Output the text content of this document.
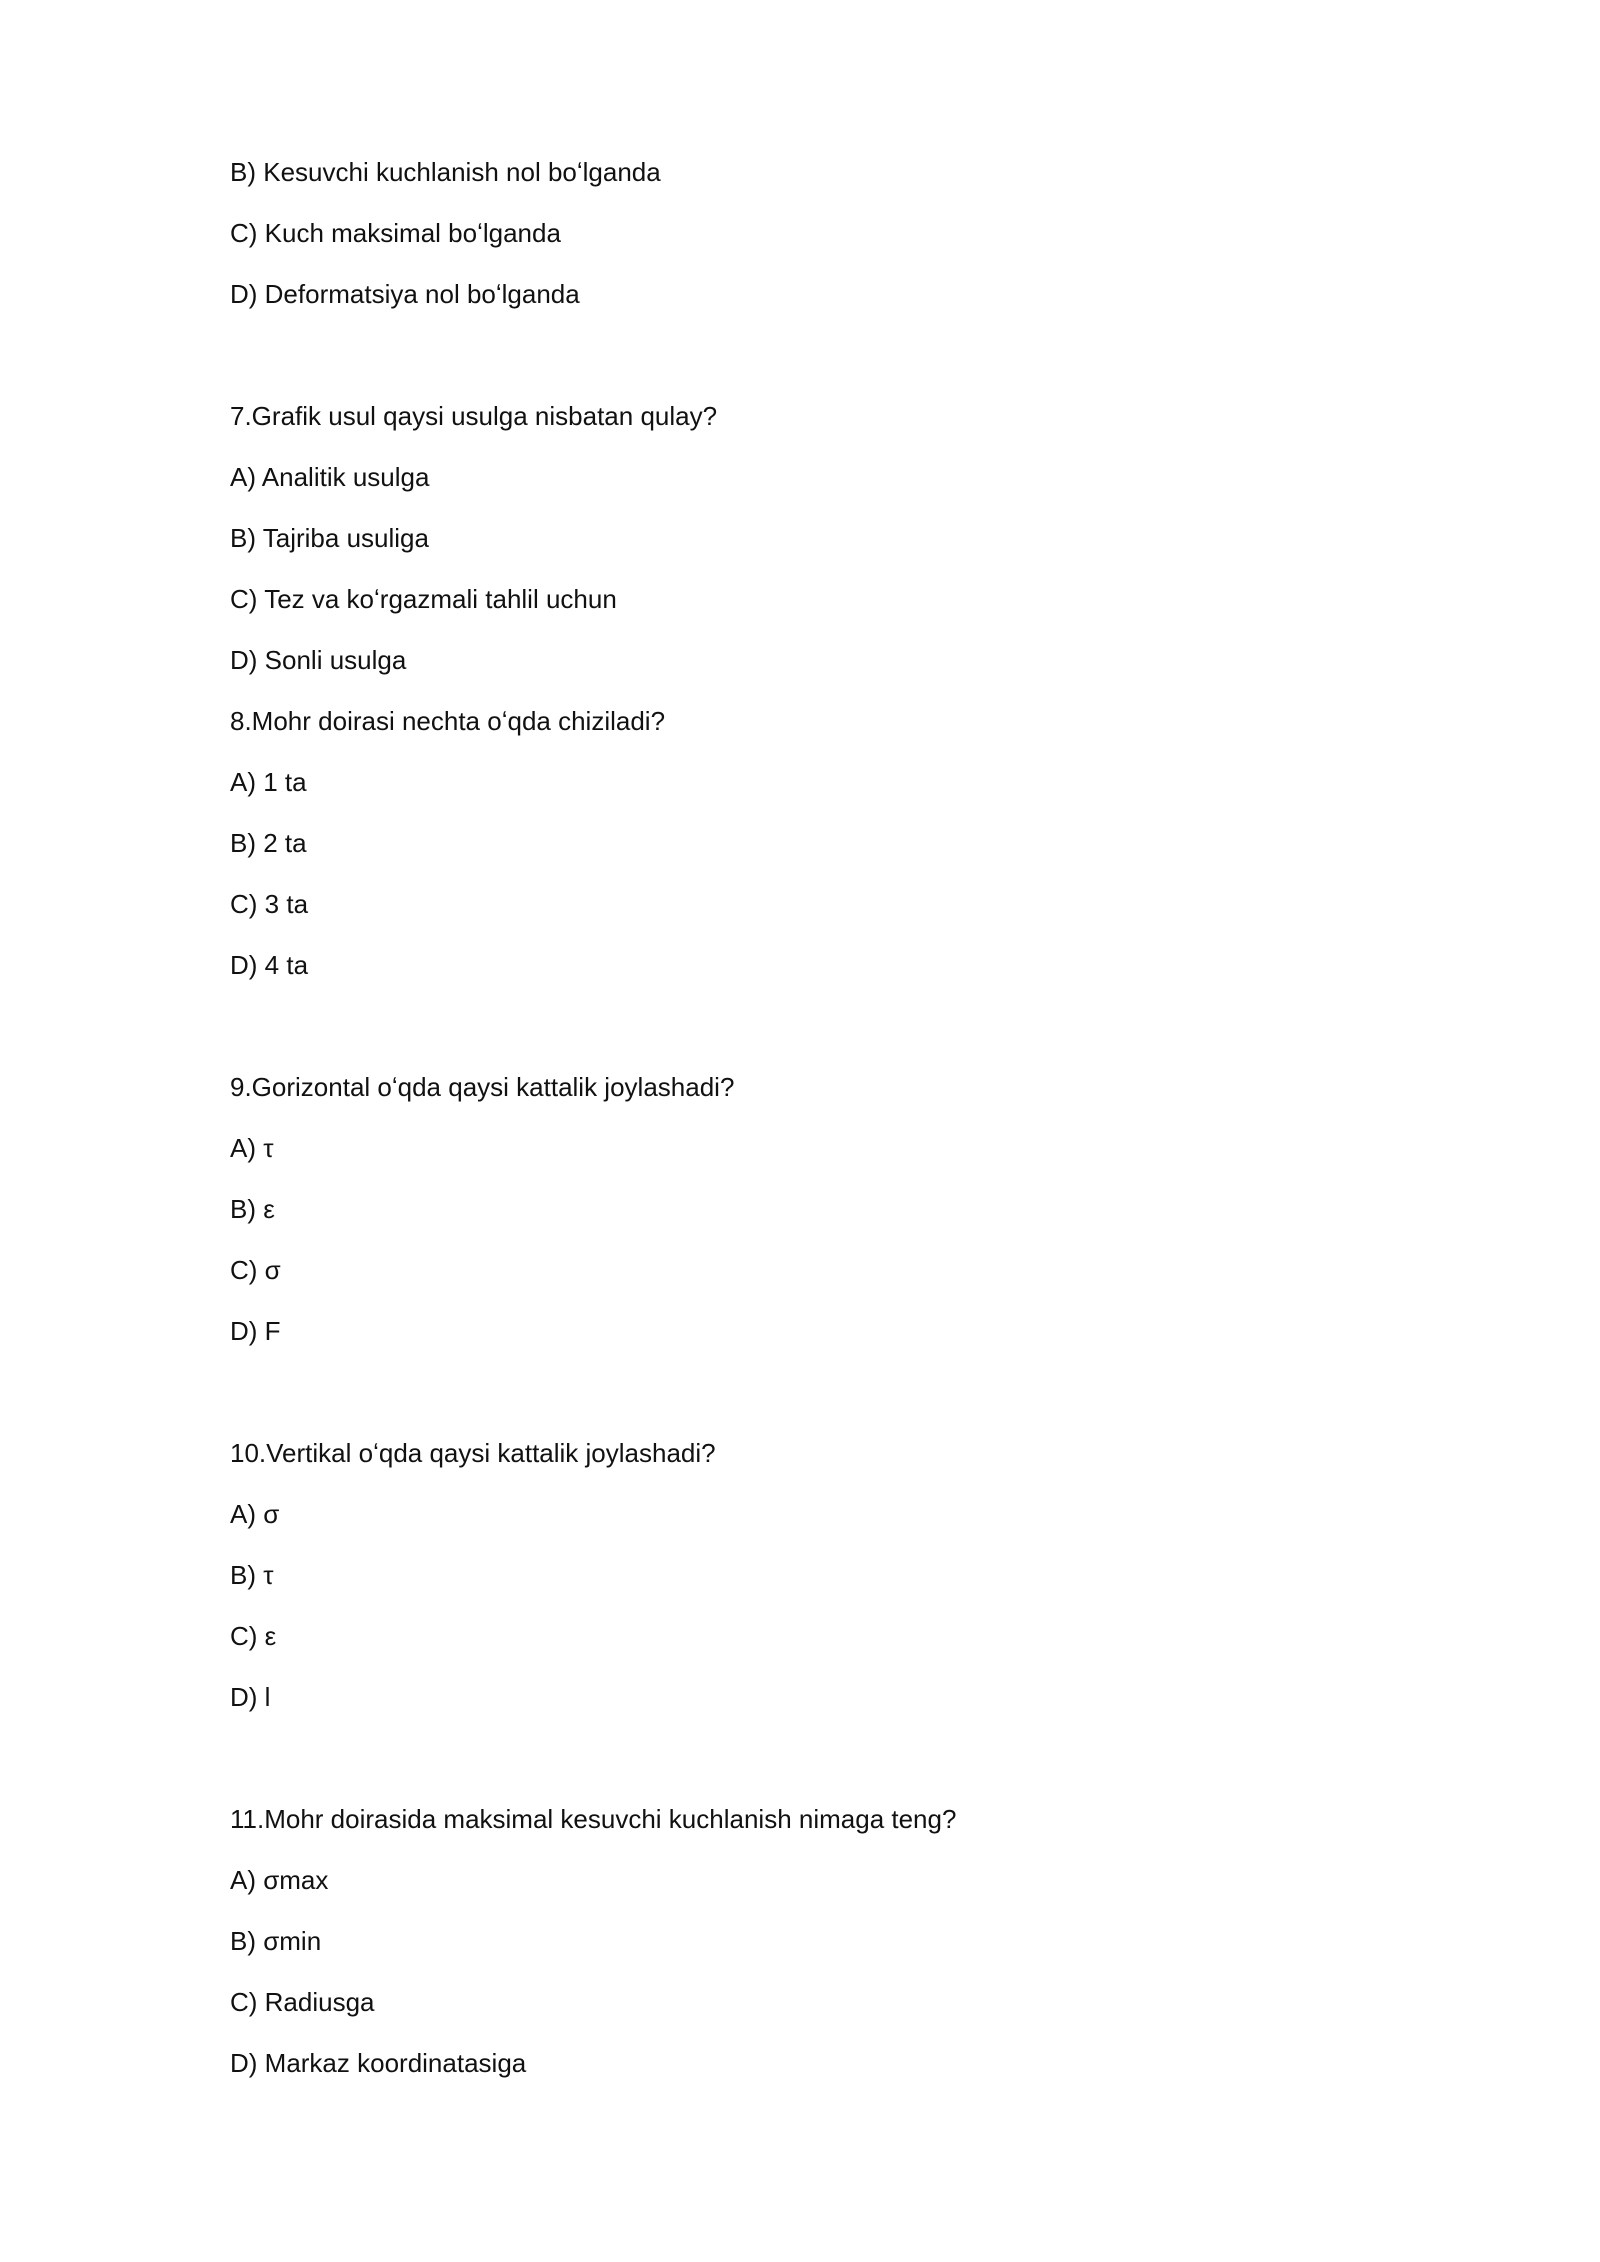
B) Kesuvchi kuchlanish nol boʻlganda
C) Kuch maksimal boʻlganda
D) Deformatsiya nol boʻlganda
7.Grafik usul qaysi usulga nisbatan qulay?
A) Analitik usulga
B) Tajriba usuliga
C) Tez va koʻrgazmali tahlil uchun
D) Sonli usulga
8.Mohr doirasi nechta oʻqda chiziladi?
A) 1 ta
B) 2 ta
C) 3 ta
D) 4 ta
9.Gorizontal oʻqda qaysi kattalik joylashadi?
A) τ
B) ε
C) σ
D) F
10.Vertikal oʻqda qaysi kattalik joylashadi?
A) σ
B) τ
C) ε
D) l
11.Mohr doirasida maksimal kesuvchi kuchlanish nimaga teng?
A) σmax
B) σmin
C) Radiusga
D) Markaz koordinatasiga
